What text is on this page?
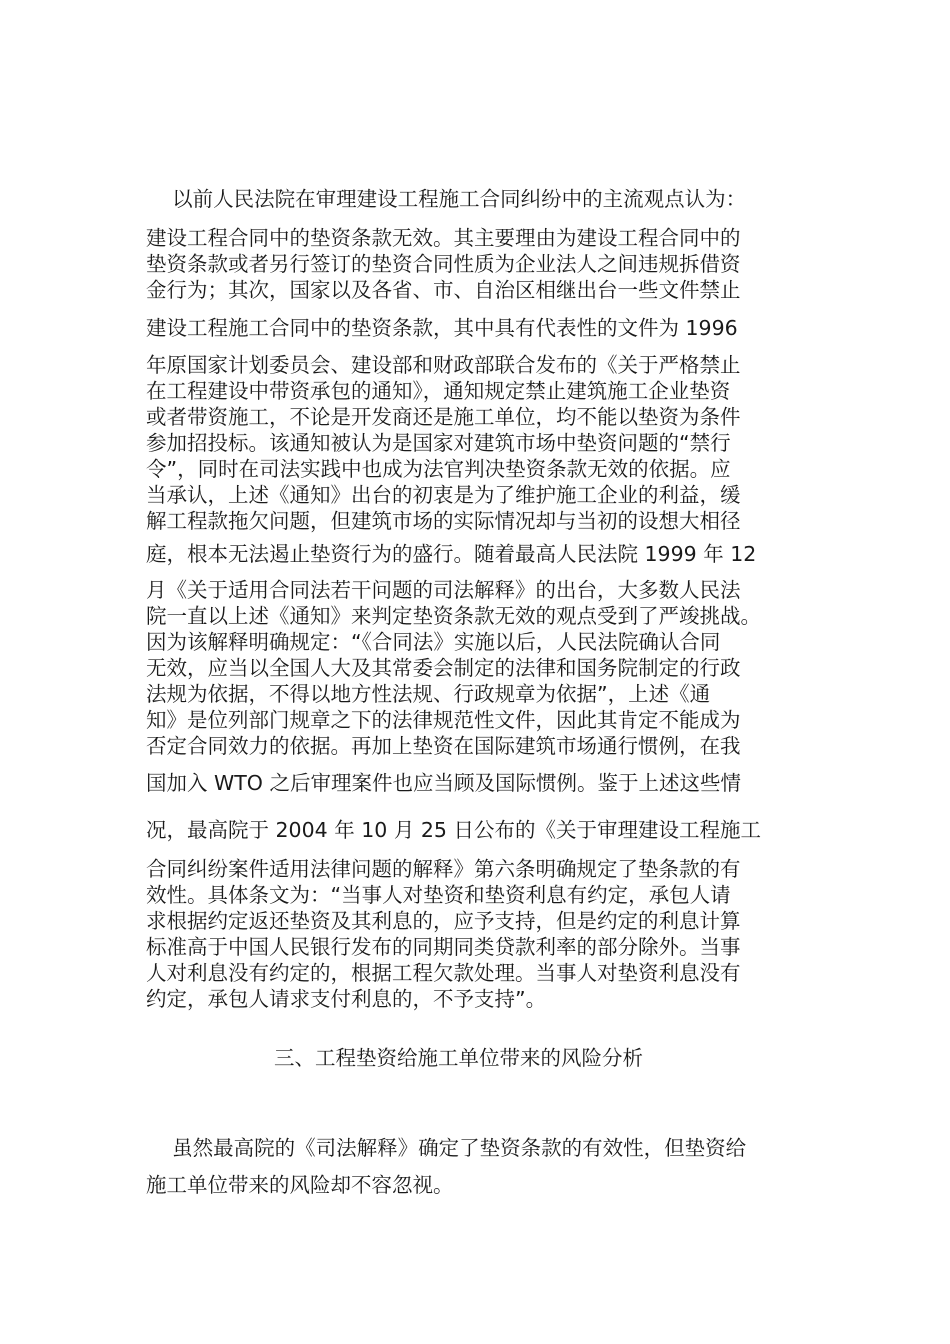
以前人民法院在审理建设工程施工合同纠纷中的主流观点认为：
建设工程合同中的垫资条款无效。其主要理由为建设工程合同中的
垫资条款或者另行签订的垫资合同性质为企业法人之间违规拆借资
金行为；其次，国家以及各省、市、自治区相继出台一些文件禁止
建设工程施工合同中的垫资条款，其中具有代表性的文件为 1996
年原国家计划委员会、建设部和财政部联合发布的《关于严格禁止
在工程建设中带资承包的通知》，通知规定禁止建筑施工企业垫资
或者带资施工，不论是开发商还是施工单位，均不能以垫资为条件
参加招投标。该通知被认为是国家对建筑市场中垫资问题的“禁行
令”，同时在司法实践中也成为法官判决垫资条款无效的依据。应
当承认，上述《通知》出台的初衷是为了维护施工企业的利益，缓
解工程款拖欠问题，但建筑市场的实际情况却与当初的设想大相径
庭，根本无法遏止垫资行为的盛行。随着最高人民法院 1999 年 12
月《关于适用合同法若干问题的司法解释》的出台，大多数人民法
院一直以上述《通知》来判定垫资条款无效的观点受到了严竣挑战。
因为该解释明确规定：“《合同法》实施以后，人民法院确认合同
无效，应当以全国人大及其常委会制定的法律和国务院制定的行政
法规为依据，不得以地方性法规、行政规章为依据”，上述《通
知》是位列部门规章之下的法律规范性文件，因此其肯定不能成为
否定合同效力的依据。再加上垫资在国际建筑市场通行惯例，在我
国加入 WTO 之后审理案件也应当顾及国际惯例。鉴于上述这些情
况，最高院于 2004 年 10 月 25 日公布的《关于审理建设工程施工
合同纠纷案件适用法律问题的解释》第六条明确规定了垫条款的有
效性。具体条文为：“当事人对垫资和垫资利息有约定，承包人请
求根据约定返还垫资及其利息的，应予支持，但是约定的利息计算
标准高于中国人民银行发布的同期同类贷款利率的部分除外。当事
人对利息没有约定的，根据工程欠款处理。当事人对垫资利息没有
约定，承包人请求支付利息的，不予支持”。
三、工程垫资给施工单位带来的风险分析
虽然最高院的《司法解释》确定了垫资条款的有效性，但垫资给
施工单位带来的风险却不容忽视。
